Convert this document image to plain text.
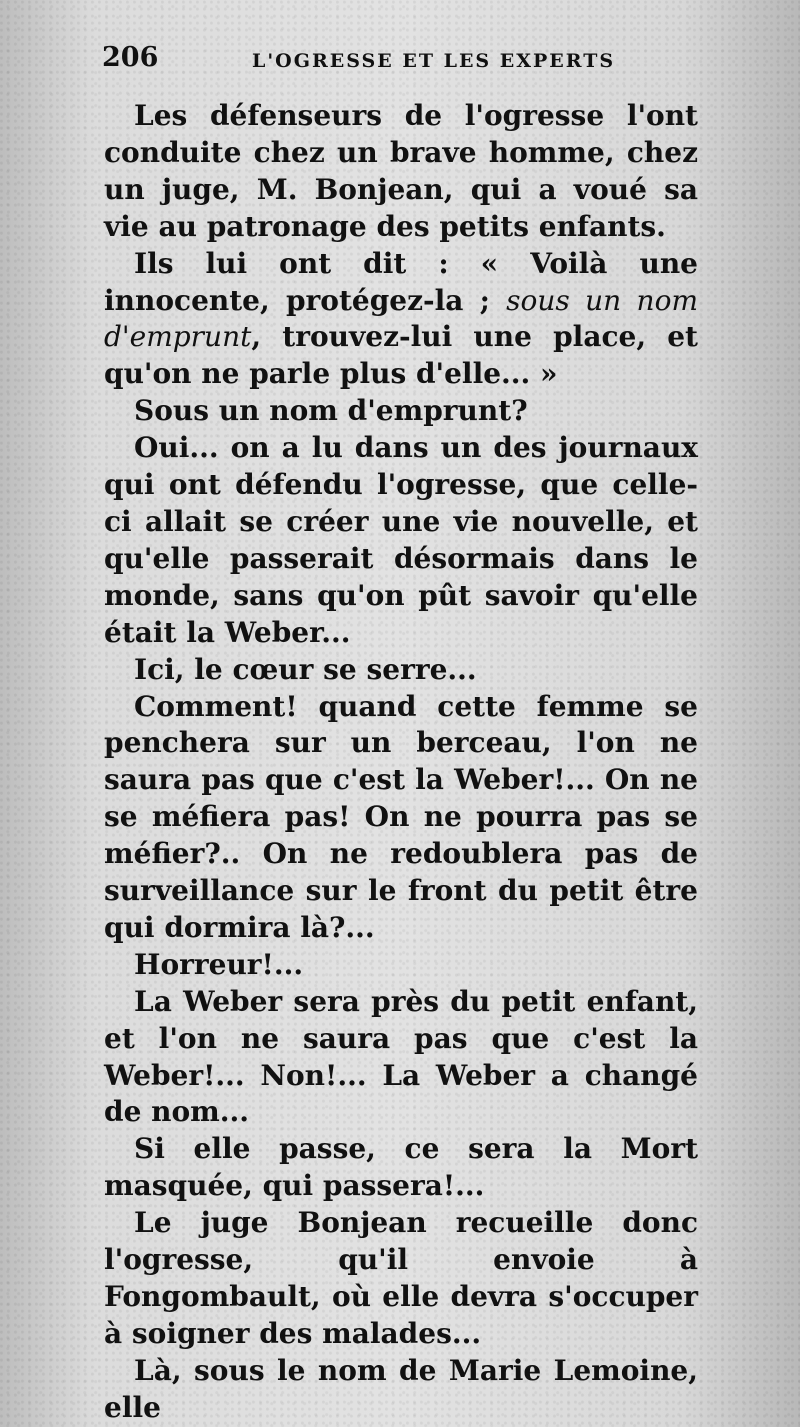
206	L'OGRESSE ET LES EXPERTS

Les défenseurs de l'ogresse l'ont conduite chez un brave homme, chez un juge, M. Bonjean, qui a voué sa vie au patronage des petits enfants.

Ils lui ont dit : « Voilà une innocente, protégez-la ; sous un nom d'emprunt, trouvez-lui une place, et qu'on ne parle plus d'elle... »

Sous un nom d'emprunt?

Oui... on a lu dans un des journaux qui ont défendu l'ogresse, que celle-ci allait se créer une vie nouvelle, et qu'elle passerait désormais dans le monde, sans qu'on pût savoir qu'elle était la Weber...

Ici, le cœur se serre...

Comment! quand cette femme se penchera sur un berceau, l'on ne saura pas que c'est la Weber!... On ne se méfiera pas! On ne pourra pas se méfier?.. On ne redoublera pas de surveillance sur le front du petit être qui dormira là?...

Horreur!...

La Weber sera près du petit enfant, et l'on ne saura pas que c'est la Weber!... Non!... La Weber a changé de nom...

Si elle passe, ce sera la Mort masquée, qui passera!...

Le juge Bonjean recueille donc l'ogresse, qu'il envoie à Fongombault, où elle devra s'occuper à soigner des malades...

Là, sous le nom de Marie Lemoine, elle
